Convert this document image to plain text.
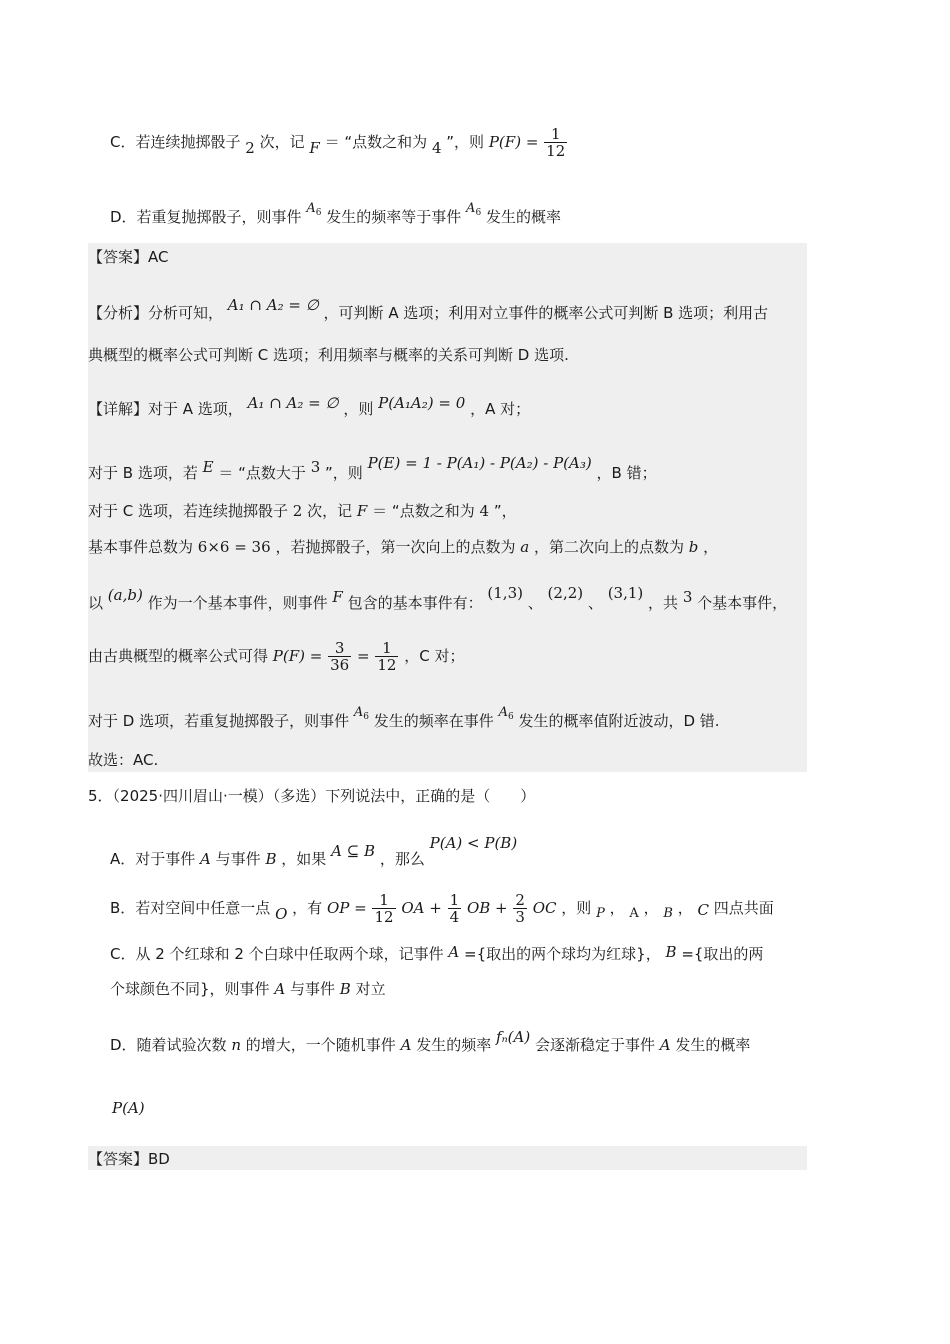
C．若连续抛掷骰子 2 次，记 F ＝ “点数之和为 4 ”，则 $P(F) = \frac{1}{12}$
D．若重复抛掷骰子，则事件 $A_6$ 发生的频率等于事件 $A_6$ 发生的概率
【答案】AC
【分析】分析可知， A₁ ∩ A₂ = ∅ ，可判断 A 选项；利用对立事件的概率公式可判断 B 选项；利用古
典概型的概率公式可判断 C 选项；利用频率与概率的关系可判断 D 选项.
【详解】对于 A 选项， A₁ ∩ A₂ = ∅ ，则 P(A₁A₂) = 0 ，A 对；
对于 B 选项，若 E ＝ “点数大于 3 ”，则 P(E) = 1 - P(A₁) - P(A₂) - P(A₃) ，B 错；
对于 C 选项，若连续抛掷骰子 2 次，记 F ＝ “点数之和为 4 ”，
基本事件总数为 6×6 = 36 ，若抛掷骰子，第一次向上的点数为 a ，第二次向上的点数为 b ，
以 (a,b) 作为一个基本事件，则事件 F 包含的基本事件有： (1,3) 、 (2,2) 、 (3,1) ，共 3 个基本事件，
由古典概型的概率公式可得 $P(F) = \frac{3}{36} = \frac{1}{12}$ ，C 对；
对于 D 选项，若重复抛掷骰子，则事件 $A_6$ 发生的频率在事件 $A_6$ 发生的概率值附近波动，D 错.
故选：AC.
5．（2025·四川眉山·一模）（多选）下列说法中，正确的是（　　）
A．对于事件 A 与事件 B ，如果 A ⊆ B ，那么 P(A) < P(B)
B．若对空间中任意一点 O ，有 OP = $\frac{1}{12}$ OA + $\frac{1}{4}$ OB + $\frac{2}{3}$ OC ，则 P ， A ， B ， C 四点共面
C．从 2 个红球和 2 个白球中任取两个球，记事件 A ={取出的两个球均为红球}， B ={取出的两
个球颜色不同}，则事件 A 与事件 B 对立
D．随着试验次数 n 的增大，一个随机事件 A 发生的频率 fₙ(A) 会逐渐稳定于事件 A 发生的概率
P(A)
【答案】BD
